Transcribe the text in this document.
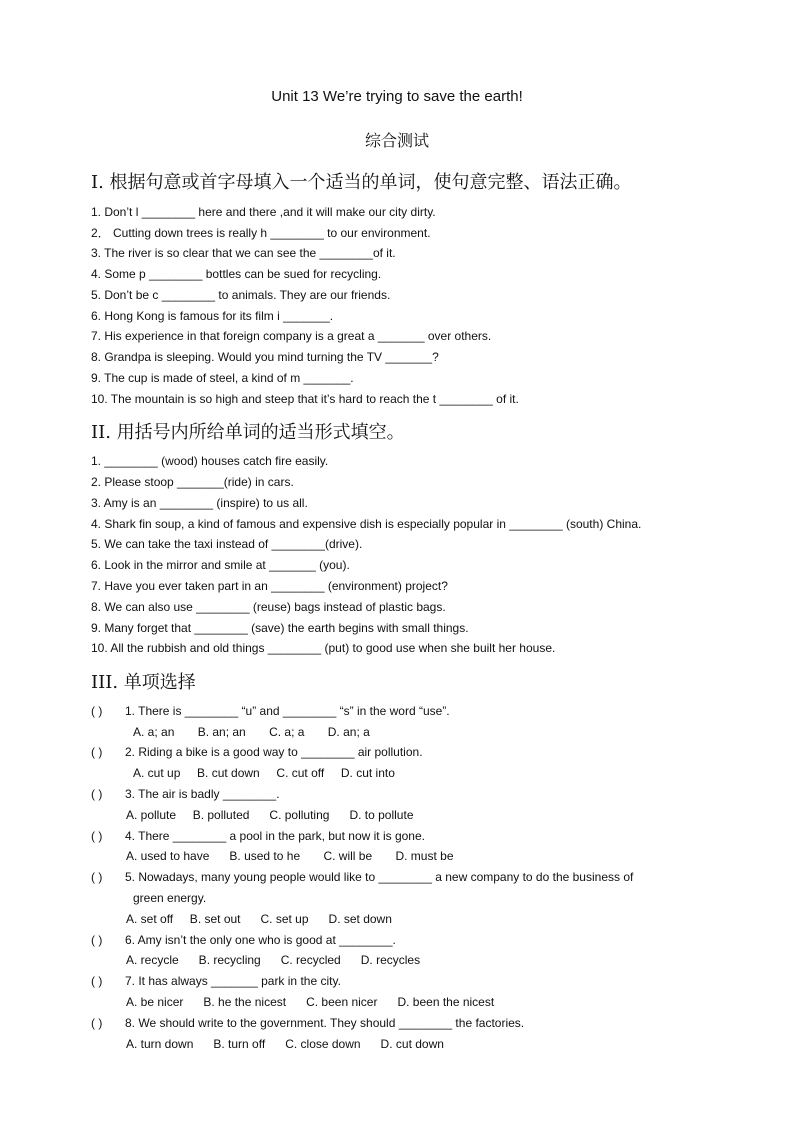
Unit 13 We’re trying to save the earth!
综合测试
I. 根据句意或首字母填入一个适当的单词，使句意完整、语法正确。
1. Don’t l ________ here and there ,and it will make our city dirty.
2． Cutting down trees is really h ________ to our environment.
3. The river is so clear that we can see the ________of it.
4. Some p ________ bottles can be sued for recycling.
5. Don’t be c ________ to animals. They are our friends.
6. Hong Kong is famous for its film i _______.
7. His experience in that foreign company is a great a _______ over others.
8. Grandpa is sleeping. Would you mind turning the TV _______?
9. The cup is made of steel, a kind of m _______.
10. The mountain is so high and steep that it’s hard to reach the t ________ of it.
II. 用括号内所给单词的适当形式填空。
1. ________ (wood) houses catch fire easily.
2. Please stoop _______(ride) in cars.
3. Amy is an ________ (inspire) to us all.
4. Shark fin soup, a kind of famous and expensive dish is especially popular in ________ (south) China.
5. We can take the taxi instead of ________(drive).
6. Look in the mirror and smile at _______ (you).
7. Have you ever taken part in an ________ (environment) project?
8. We can also use ________ (reuse) bags instead of plastic bags.
9. Many forget that ________ (save) the earth begins with small things.
10. All the rubbish and old things ________ (put) to good use when she built her house.
III. 单项选择
( ) 1. There is ________ “u” and ________ “s” in the word “use”.
A. a; an       B. an; an       C. a; a       D. an; a
( ) 2. Riding a bike is a good way to ________ air pollution.
A. cut up     B. cut down     C. cut off     D. cut into
( ) 3. The air is badly ________.
A. pollute     B. polluted      C. polluting      D. to pollute
( ) 4. There ________ a pool in the park, but now it is gone.
A. used to have      B. used to he       C. will be       D. must be
( ) 5. Nowadays, many young people would like to ________ a new company to do the business of
green energy.
A. set off     B. set out      C. set up      D. set down
( ) 6. Amy isn’t the only one who is good at ________.
A. recycle      B. recycling      C. recycled      D. recycles
( ) 7. It has always _______ park in the city.
A. be nicer      B. he the nicest      C. been nicer      D. been the nicest
( ) 8. We should write to the government. They should ________ the factories.
A. turn down      B. turn off      C. close down      D. cut down
